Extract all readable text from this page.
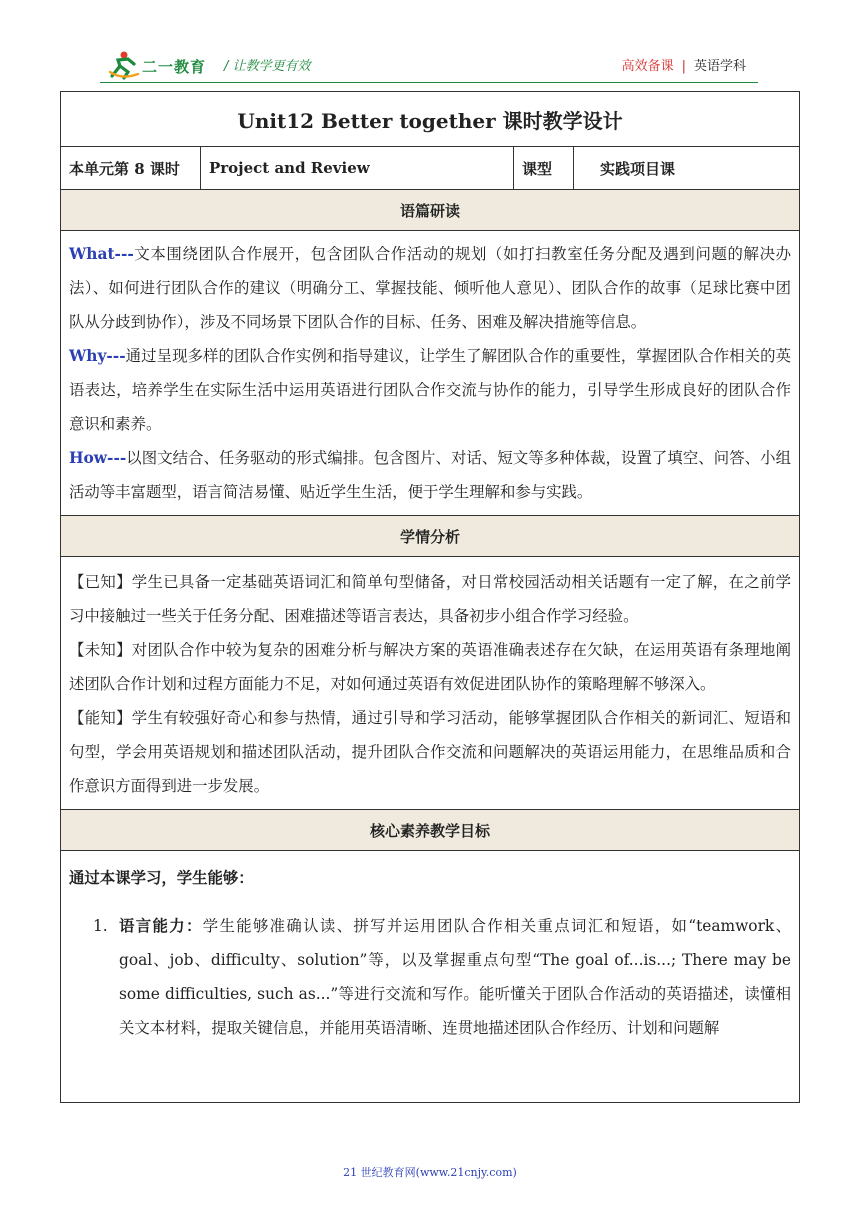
二一教育 / 让教学更有效	高效备课 | 英语学科
Unit12 Better together 课时教学设计
本单元第 8 课时	Project and Review	课型	实践项目课
语篇研读

What---文本围绕团队合作展开，包含团队合作活动的规划（如打扫教室任务分配及遇到问题的解决办法）、如何进行团队合作的建议（明确分工、掌握技能、倾听他人意见）、团队合作的故事（足球比赛中团队从分歧到协作），涉及不同场景下团队合作的目标、任务、困难及解决措施等信息。

Why---通过呈现多样的团队合作实例和指导建议，让学生了解团队合作的重要性，掌握团队合作相关的英语表达，培养学生在实际生活中运用英语进行团队合作交流与协作的能力，引导学生形成良好的团队合作意识和素养。

How---以图文结合、任务驱动的形式编排。包含图片、对话、短文等多种体裁，设置了填空、问答、小组活动等丰富题型，语言简洁易懂、贴近学生生活，便于学生理解和参与实践。

学情分析

【已知】学生已具备一定基础英语词汇和简单句型储备，对日常校园活动相关话题有一定了解，在之前学习中接触过一些关于任务分配、困难描述等语言表达，具备初步小组合作学习经验。

【未知】对团队合作中较为复杂的困难分析与解决方案的英语准确表述存在欠缺，在运用英语有条理地阐述团队合作计划和过程方面能力不足，对如何通过英语有效促进团队协作的策略理解不够深入。

【能知】学生有较强好奇心和参与热情，通过引导和学习活动，能够掌握团队合作相关的新词汇、短语和句型，学会用英语规划和描述团队活动，提升团队合作交流和问题解决的英语运用能力，在思维品质和合作意识方面得到进一步发展。

核心素养教学目标
通过本课学习，学生能够：
1. 语言能力：学生能够准确认读、拼写并运用团队合作相关重点词汇和短语，如“teamwork、goal、job、difficulty、solution”等，以及掌握重点句型“The goal of...is...; There may be some difficulties, such as...”等进行交流和写作。能听懂关于团队合作活动的英语描述，读懂相关文本材料，提取关键信息，并能用英语清晰、连贯地描述团队合作经历、计划和问题解
21 世纪教育网(www.21cnjy.com)
